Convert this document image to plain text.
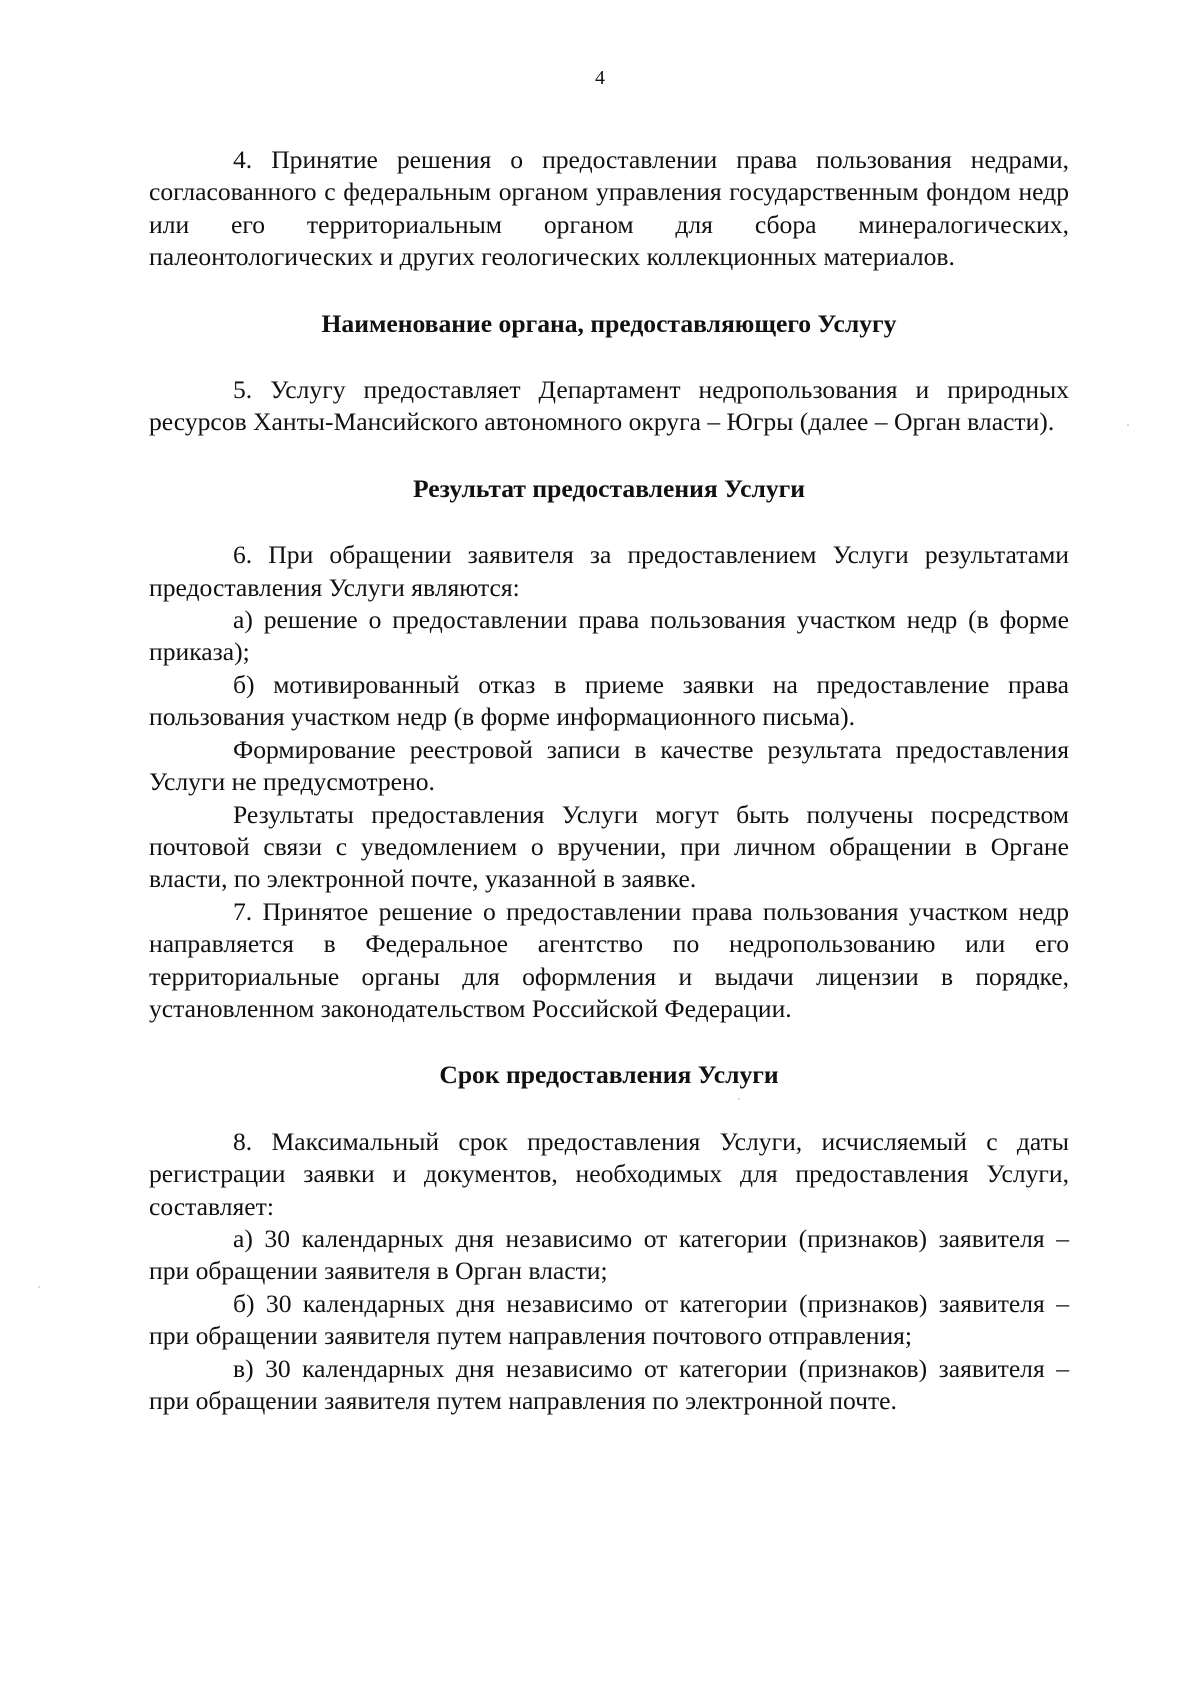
4

4. Принятие решения о предоставлении права пользования недрами, согласованного с федеральным органом управления государственным фондом недр или его территориальным органом для сбора минералогических, палеонтологических и других геологических коллекционных материалов.

Наименование органа, предоставляющего Услугу

5. Услугу предоставляет Департамент недропользования и природных ресурсов Ханты-Мансийского автономного округа – Югры (далее – Орган власти).

Результат предоставления Услуги

6. При обращении заявителя за предоставлением Услуги результатами предоставления Услуги являются:

а) решение о предоставлении права пользования участком недр (в форме приказа);

б) мотивированный отказ в приеме заявки на предоставление права пользования участком недр (в форме информационного письма).

Формирование реестровой записи в качестве результата предоставления Услуги не предусмотрено.

Результаты предоставления Услуги могут быть получены посредством почтовой связи с уведомлением о вручении, при личном обращении в Органе власти, по электронной почте, указанной в заявке.

7. Принятое решение о предоставлении права пользования участком недр направляется в Федеральное агентство по недропользованию или его территориальные органы для оформления и выдачи лицензии в порядке, установленном законодательством Российской Федерации.

Срок предоставления Услуги

8. Максимальный срок предоставления Услуги, исчисляемый с даты регистрации заявки и документов, необходимых для предоставления Услуги, составляет:

а) 30 календарных дня независимо от категории (признаков) заявителя – при обращении заявителя в Орган власти;

б) 30 календарных дня независимо от категории (признаков) заявителя – при обращении заявителя путем направления почтового отправления;

в) 30 календарных дня независимо от категории (признаков) заявителя – при обращении заявителя путем направления по электронной почте.
